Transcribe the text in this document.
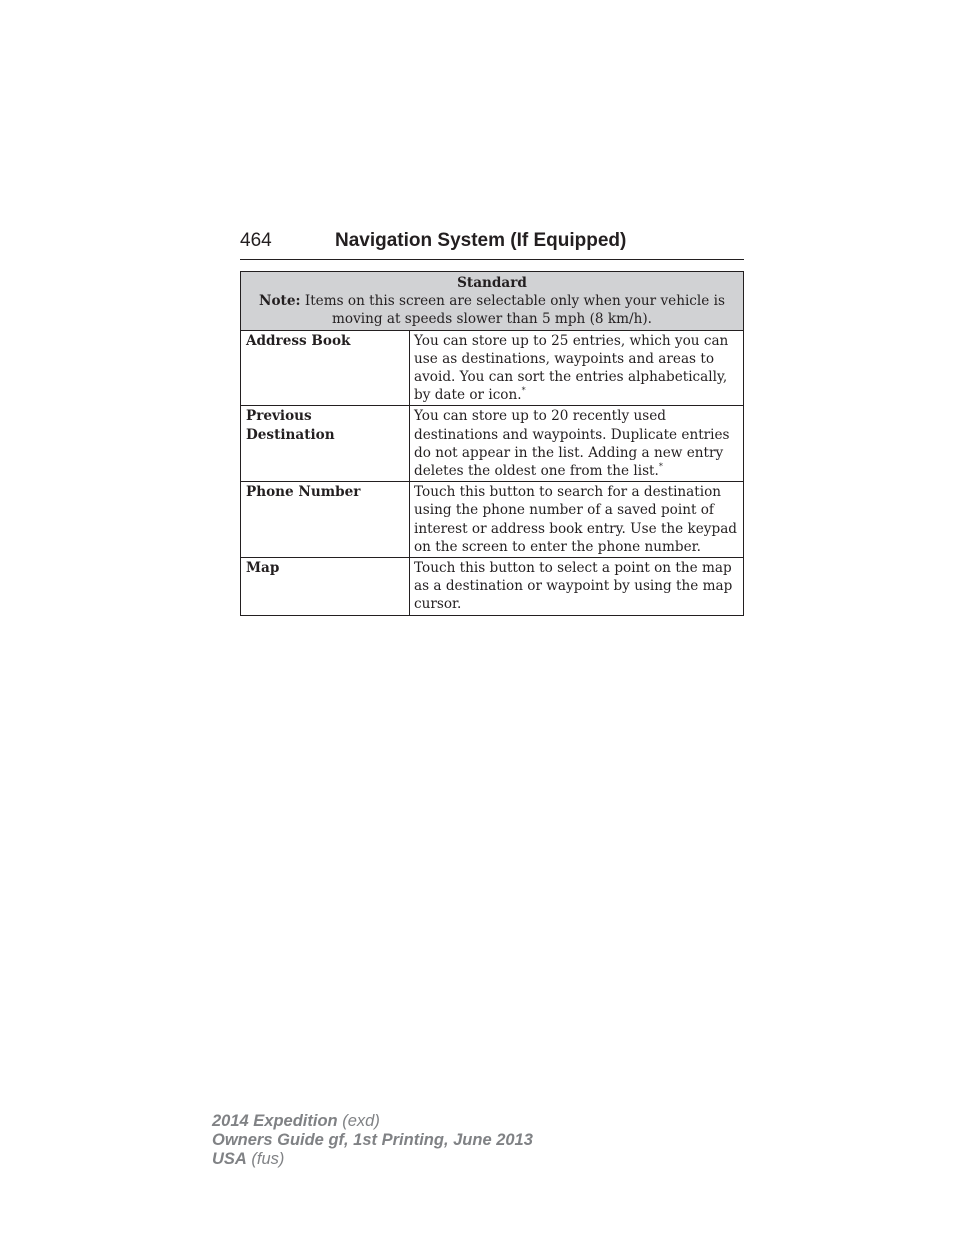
464	Navigation System (If Equipped)
Standard
Note: Items on this screen are selectable only when your vehicle is moving at speeds slower than 5 mph (8 km/h).	
Address Book	You can store up to 25 entries, which you can use as destinations, waypoints and areas to avoid. You can sort the entries alphabetically, by date or icon.*
Previous Destination	You can store up to 20 recently used destinations and waypoints. Duplicate entries do not appear in the list. Adding a new entry deletes the oldest one from the list.*
Phone Number	Touch this button to search for a destination using the phone number of a saved point of interest or address book entry. Use the keypad on the screen to enter the phone number.
Map	Touch this button to select a point on the map as a destination or waypoint by using the map cursor.
2014 Expedition (exd)
Owners Guide gf, 1st Printing, June 2013
USA (fus)
